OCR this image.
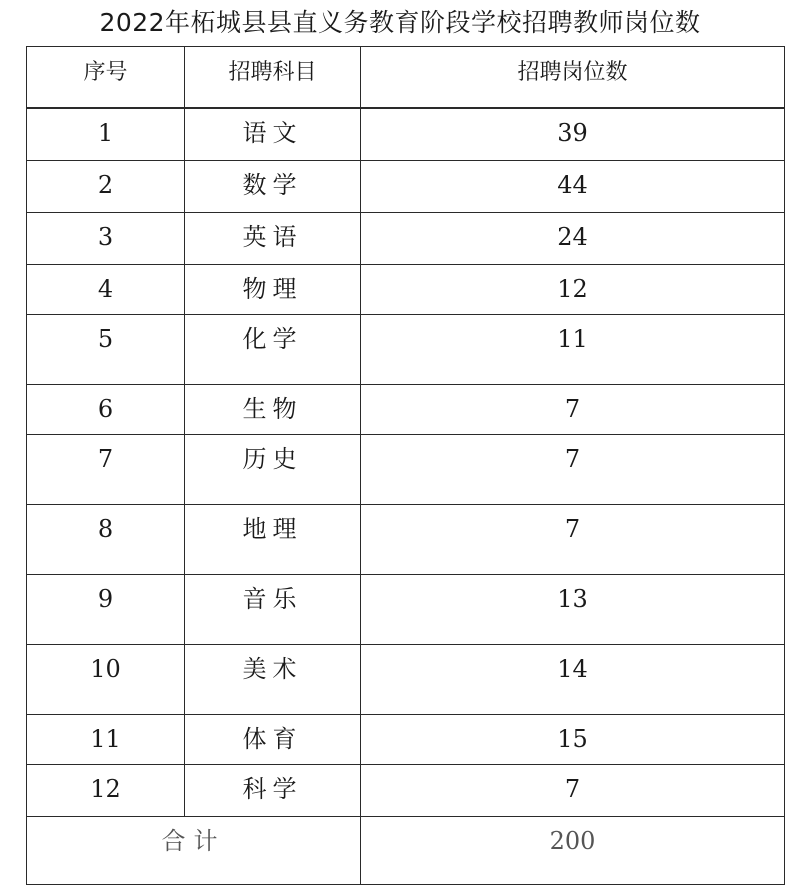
2022年柘城县县直义务教育阶段学校招聘教师岗位数
序号	招聘科目	招聘岗位数
1	语文	39
2	数学	44
3	英语	24
4	物理	12
5	化学	11
6	生物	7
7	历史	7
8	地理	7
9	音乐	13
10	美术	14
11	体育	15
12	科学	7
合计		200
